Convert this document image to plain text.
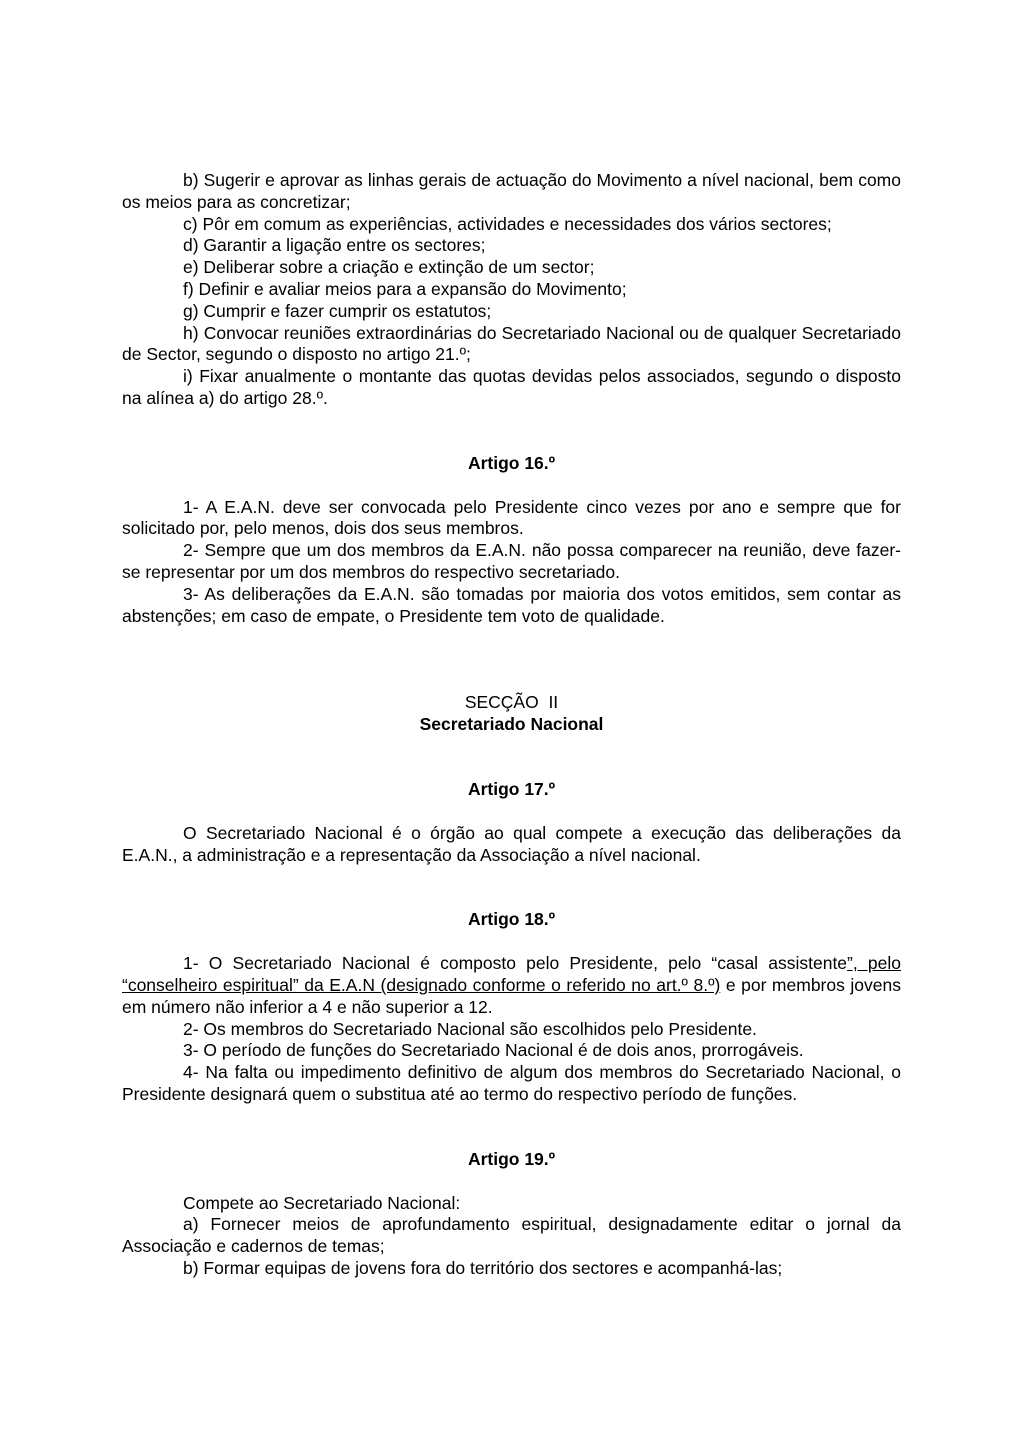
b) Sugerir e aprovar as linhas gerais de actuação do Movimento a nível nacional, bem como os meios para as concretizar;

c) Pôr em comum as experiências, actividades e necessidades dos vários sectores;

d) Garantir a ligação entre os sectores;

e) Deliberar sobre a criação e extinção de um sector;

f) Definir e avaliar meios para a expansão do Movimento;

g) Cumprir e fazer cumprir os estatutos;

h) Convocar reuniões extraordinárias do Secretariado Nacional ou de qualquer Secretariado de Sector, segundo o disposto no artigo 21.º;

i) Fixar anualmente o montante das quotas devidas pelos associados, segundo o disposto na alínea a) do artigo 28.º.

Artigo 16.º

1- A E.A.N. deve ser convocada pelo Presidente cinco vezes por ano e sempre que for solicitado por, pelo menos, dois dos seus membros.

2- Sempre que um dos membros da E.A.N. não possa comparecer na reunião, deve fazer-se representar por um dos membros do respectivo secretariado.

3- As deliberações da E.A.N. são tomadas por maioria dos votos emitidos, sem contar as abstenções; em caso de empate, o Presidente tem voto de qualidade.

SECÇÃO  II

Secretariado Nacional

Artigo 17.º

O Secretariado Nacional é o órgão ao qual compete a execução das deliberações da E.A.N., a administração e a representação da Associação a nível nacional.

Artigo 18.º

1- O Secretariado Nacional é composto pelo Presidente, pelo “casal assistente”, pelo “conselheiro espiritual” da E.A.N (designado conforme o referido no art.º 8.º) e por membros jovens em número não inferior a 4 e não superior a 12.

2- Os membros do Secretariado Nacional são escolhidos pelo Presidente.

3- O período de funções do Secretariado Nacional é de dois anos, prorrogáveis.

4- Na falta ou impedimento definitivo de algum dos membros do Secretariado Nacional, o Presidente designará quem o substitua até ao termo do respectivo período de funções.

Artigo 19.º

Compete ao Secretariado Nacional:

a) Fornecer meios de aprofundamento espiritual, designadamente editar o jornal da Associação e cadernos de temas;

b) Formar equipas de jovens fora do território dos sectores e acompanhá-las;
